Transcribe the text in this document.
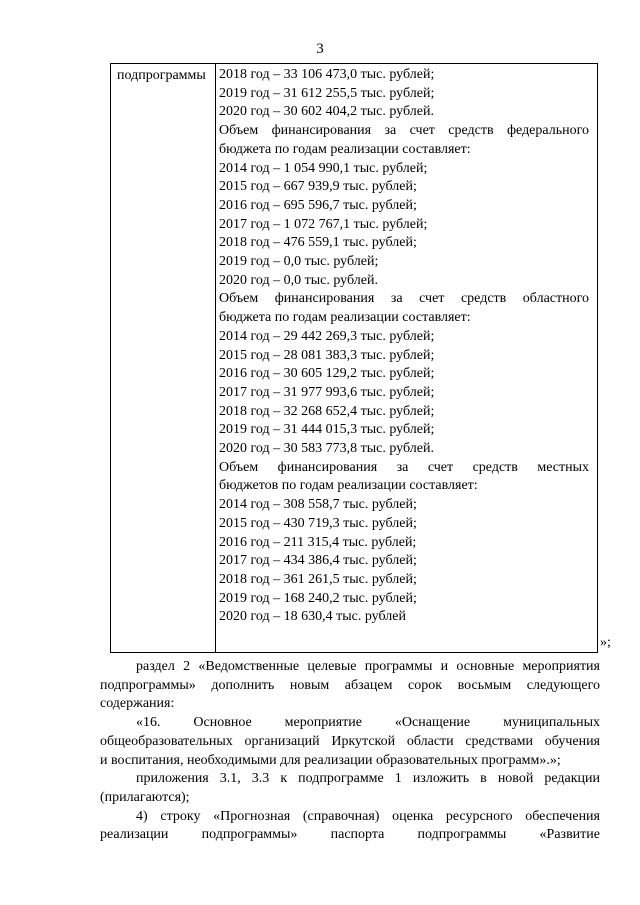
3
подпрограммы 2018 год – 33 106 473,0 тыс. рублей;
2019 год – 31 612 255,5 тыс. рублей;
2020 год – 30 602 404,2 тыс. рублей.
Объем финансирования за счет средств федерального
бюджета по годам реализации составляет:
2014 год – 1 054 990,1 тыс. рублей;
2015 год – 667 939,9 тыс. рублей;
2016 год – 695 596,7 тыс. рублей;
2017 год – 1 072 767,1 тыс. рублей;
2018 год – 476 559,1 тыс. рублей;
2019 год – 0,0 тыс. рублей;
2020 год – 0,0 тыс. рублей.
Объем финансирования за счет средств областного
бюджета по годам реализации составляет:
2014 год – 29 442 269,3 тыс. рублей;
2015 год – 28 081 383,3 тыс. рублей;
2016 год – 30 605 129,2 тыс. рублей;
2017 год – 31 977 993,6 тыс. рублей;
2018 год – 32 268 652,4 тыс. рублей;
2019 год – 31 444 015,3 тыс. рублей;
2020 год – 30 583 773,8 тыс. рублей.
Объем финансирования за счет средств местных
бюджетов по годам реализации составляет:
2014 год – 308 558,7 тыс. рублей;
2015 год – 430 719,3 тыс. рублей;
2016 год – 211 315,4 тыс. рублей;
2017 год – 434 386,4 тыс. рублей;
2018 год – 361 261,5 тыс. рублей;
2019 год – 168 240,2 тыс. рублей;
2020 год – 18 630,4 тыс. рублей
»;
раздел 2 «Ведомственные целевые программы и основные мероприятия
подпрограммы» дополнить новым абзацем сорок восьмым следующего
содержания:
«16. Основное мероприятие «Оснащение муниципальных
общеобразовательных организаций Иркутской области средствами обучения
и воспитания, необходимыми для реализации образовательных программ».»;
приложения 3.1, 3.3 к подпрограмме 1 изложить в новой редакции
(прилагаются);
4) строку «Прогнозная (справочная) оценка ресурсного обеспечения
реализации подпрограммы» паспорта подпрограммы «Развитие
